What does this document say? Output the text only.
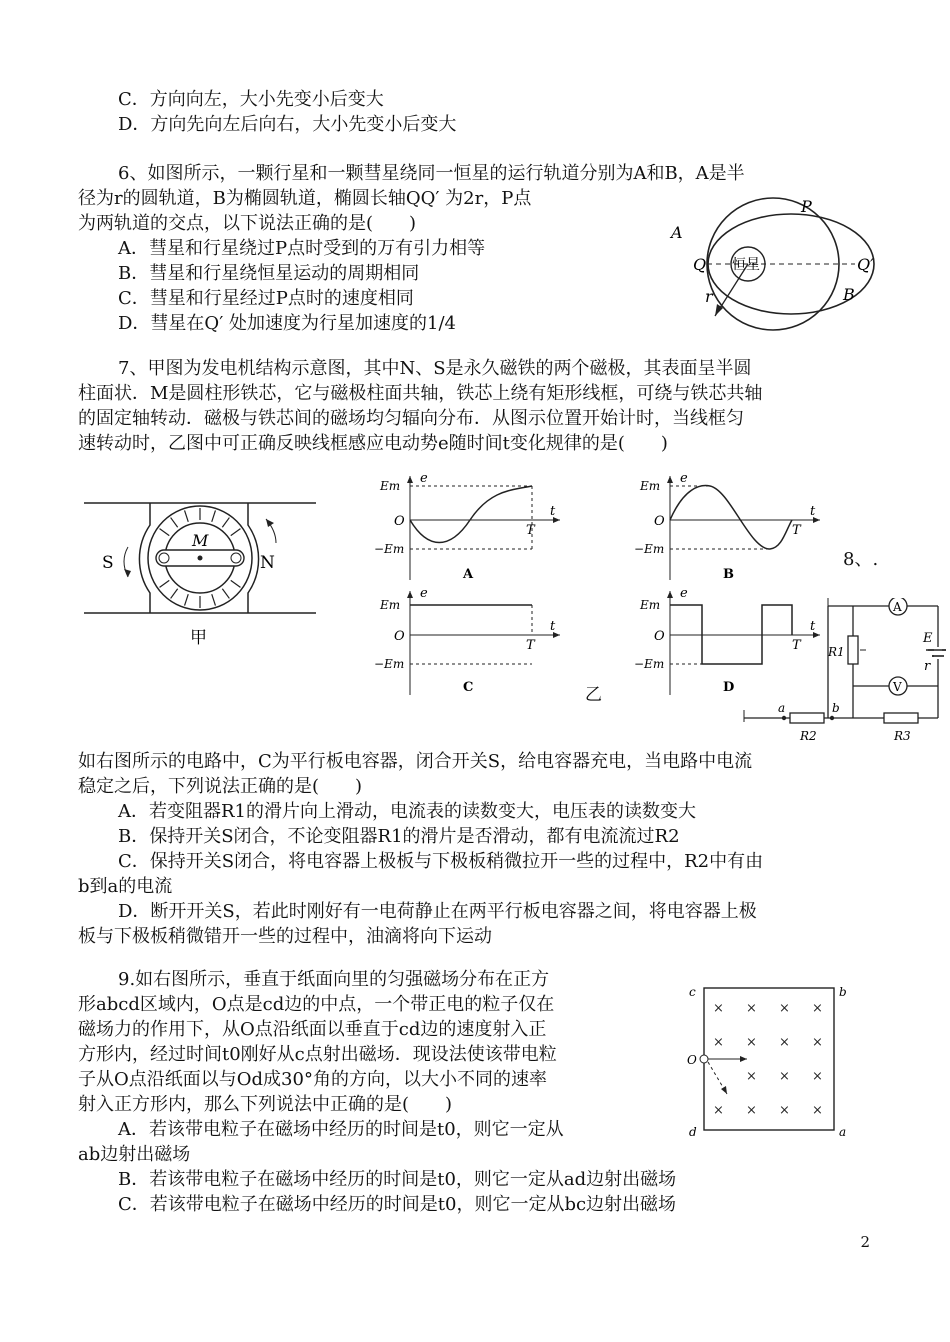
C．方向向左，大小先变小后变大
D．方向先向左后向右，大小先变小后变大
6、如图所示，一颗行星和一颗彗星绕同一恒星的运行轨道分别为A和B，A是半
径为r的圆轨道，B为椭圆轨道，椭圆长轴QQ′ 为2r，P点
为两轨道的交点，以下说法正确的是(　　)
A．彗星和行星绕过P点时受到的万有引力相等
B．彗星和行星绕恒星运动的周期相同
C．彗星和行星经过P点时的速度相同
D．彗星在Q′ 处加速度为行星加速度的1/4
恒星
A
P
Q	Q′
B
r
7、甲图为发电机结构示意图，其中N、S是永久磁铁的两个磁极，其表面呈半圆
柱面状．M是圆柱形铁芯，它与磁极柱面共轴，铁芯上绕有矩形线框，可绕与铁芯共轴
的固定轴转动．磁极与铁芯间的磁场均匀辐向分布．从图示位置开始计时，当线框匀
速转动时，乙图中可正确反映线框感应电动势e随时间t变化规律的是(　　)
M
S	N
甲
e
t
Em
−Em
O
T
A
e
t
Em
−Em
O
T
B
e
t
Em
−Em
O
T
C
e
t
Em
−Em
O
T
D
乙
8、.
A
E
r
R1
V
a	b
R2	R3
如右图所示的电路中，C为平行板电容器，闭合开关S，给电容器充电，当电路中电流
稳定之后，下列说法正确的是(　　)
A．若变阻器R1的滑片向上滑动，电流表的读数变大，电压表的读数变大
B．保持开关S闭合，不论变阻器R1的滑片是否滑动，都有电流流过R2
C．保持开关S闭合，将电容器上极板与下极板稍微拉开一些的过程中，R2中有由
b到a的电流
D．断开开关S，若此时刚好有一电荷静止在两平行板电容器之间，将电容器上极
板与下极板稍微错开一些的过程中，油滴将向下运动
9.如右图所示，垂直于纸面向里的匀强磁场分布在正方
形abcd区域内，O点是cd边的中点，一个带正电的粒子仅在
磁场力的作用下，从O点沿纸面以垂直于cd边的速度射入正
方形内，经过时间t0刚好从c点射出磁场．现设法使该带电粒
子从O点沿纸面以与Od成30°角的方向，以大小不同的速率
射入正方形内，那么下列说法中正确的是(　　)
A．若该带电粒子在磁场中经历的时间是t0，则它一定从
ab边射出磁场
B．若该带电粒子在磁场中经历的时间是t0，则它一定从ad边射出磁场
C．若该带电粒子在磁场中经历的时间是t0，则它一定从bc边射出磁场
× × × ×
× × × ×
× × ×
× × × ×
c	b
d	a
O
2
